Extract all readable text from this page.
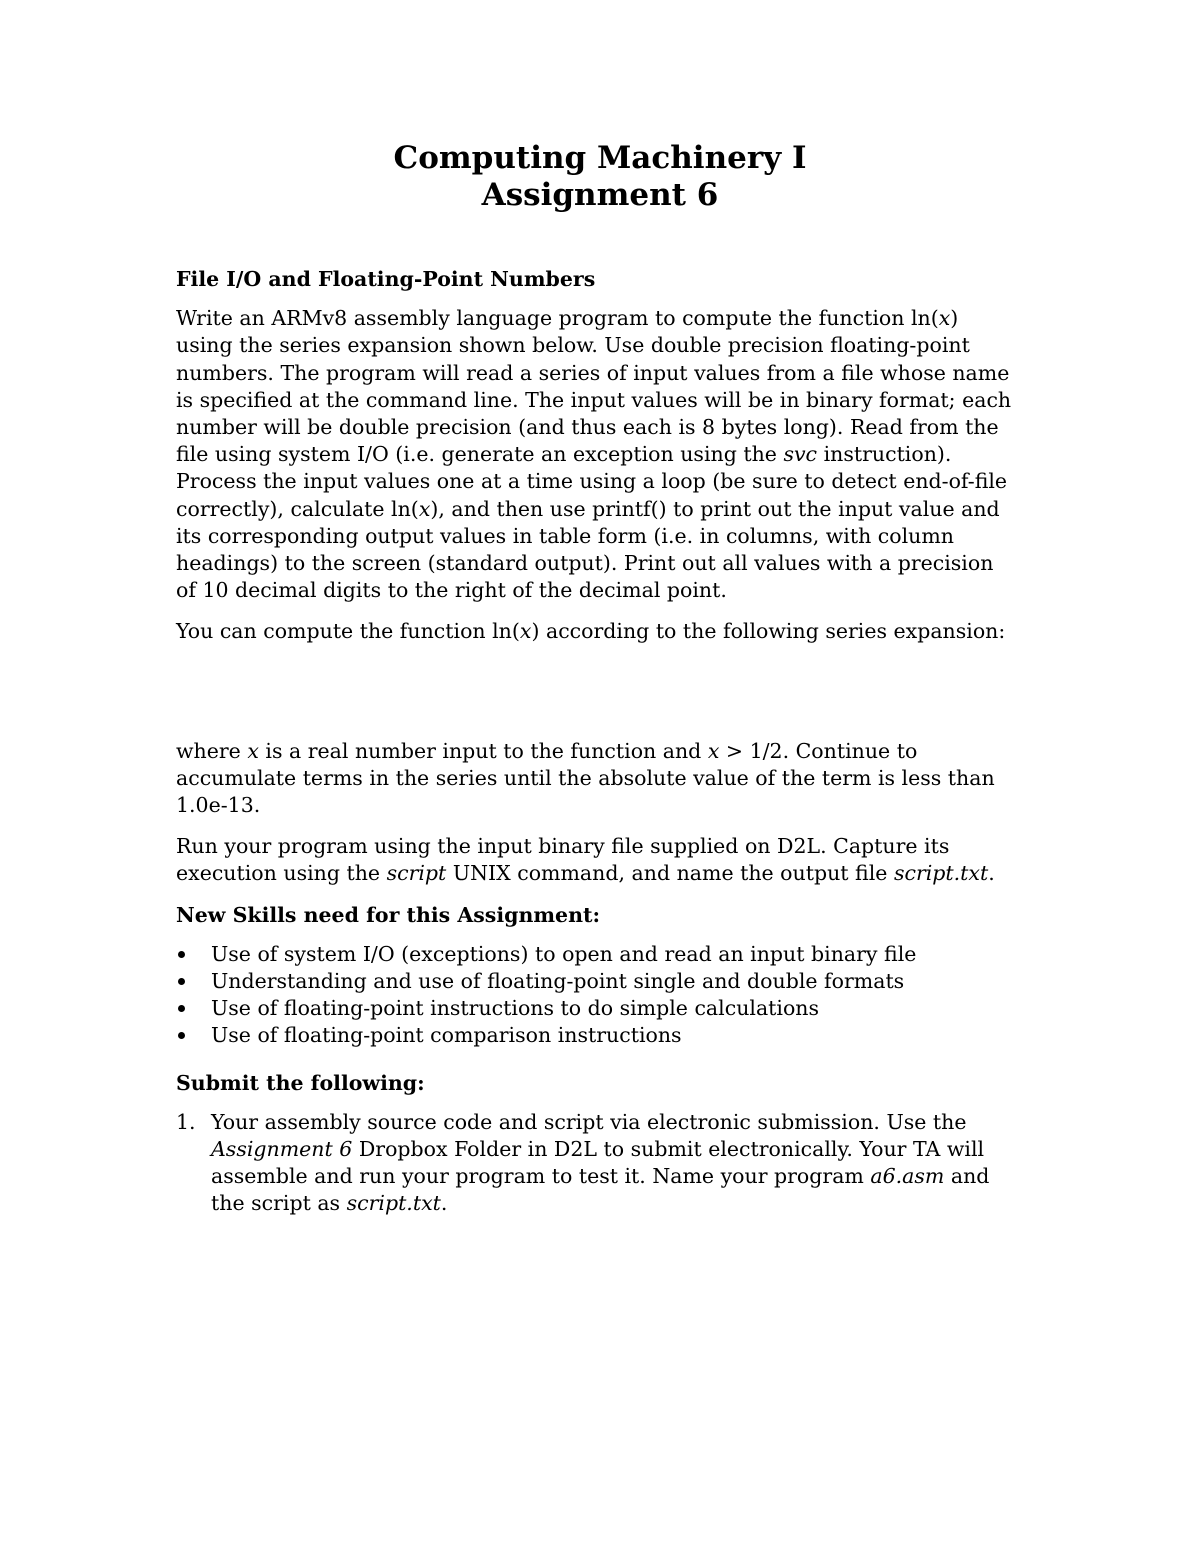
Computing Machinery I
Assignment 6
File I/O and Floating-Point Numbers

Write an ARMv8 assembly language program to compute the function ln(x) using the series expansion shown below. Use double precision floating-point numbers. The program will read a series of input values from a file whose name is specified at the command line. The input values will be in binary format; each number will be double precision (and thus each is 8 bytes long). Read from the file using system I/O (i.e. generate an exception using the svc instruction). Process the input values one at a time using a loop (be sure to detect end-of-file correctly), calculate ln(x), and then use printf() to print out the input value and its corresponding output values in table form (i.e. in columns, with column headings) to the screen (standard output). Print out all values with a precision of 10 decimal digits to the right of the decimal point.

You can compute the function ln(x) according to the following series expansion:

where x is a real number input to the function and x > 1/2. Continue to accumulate terms in the series until the absolute value of the term is less than 1.0e-13.

Run your program using the input binary file supplied on D2L. Capture its execution using the script UNIX command, and name the output file script.txt.

New Skills need for this Assignment:
Use of system I/O (exceptions) to open and read an input binary file
Understanding and use of floating-point single and double formats
Use of floating-point instructions to do simple calculations
Use of floating-point comparison instructions
Submit the following:
1. Your assembly source code and script via electronic submission. Use the Assignment 6 Dropbox Folder in D2L to submit electronically. Your TA will assemble and run your program to test it. Name your program a6.asm and the script as script.txt.
